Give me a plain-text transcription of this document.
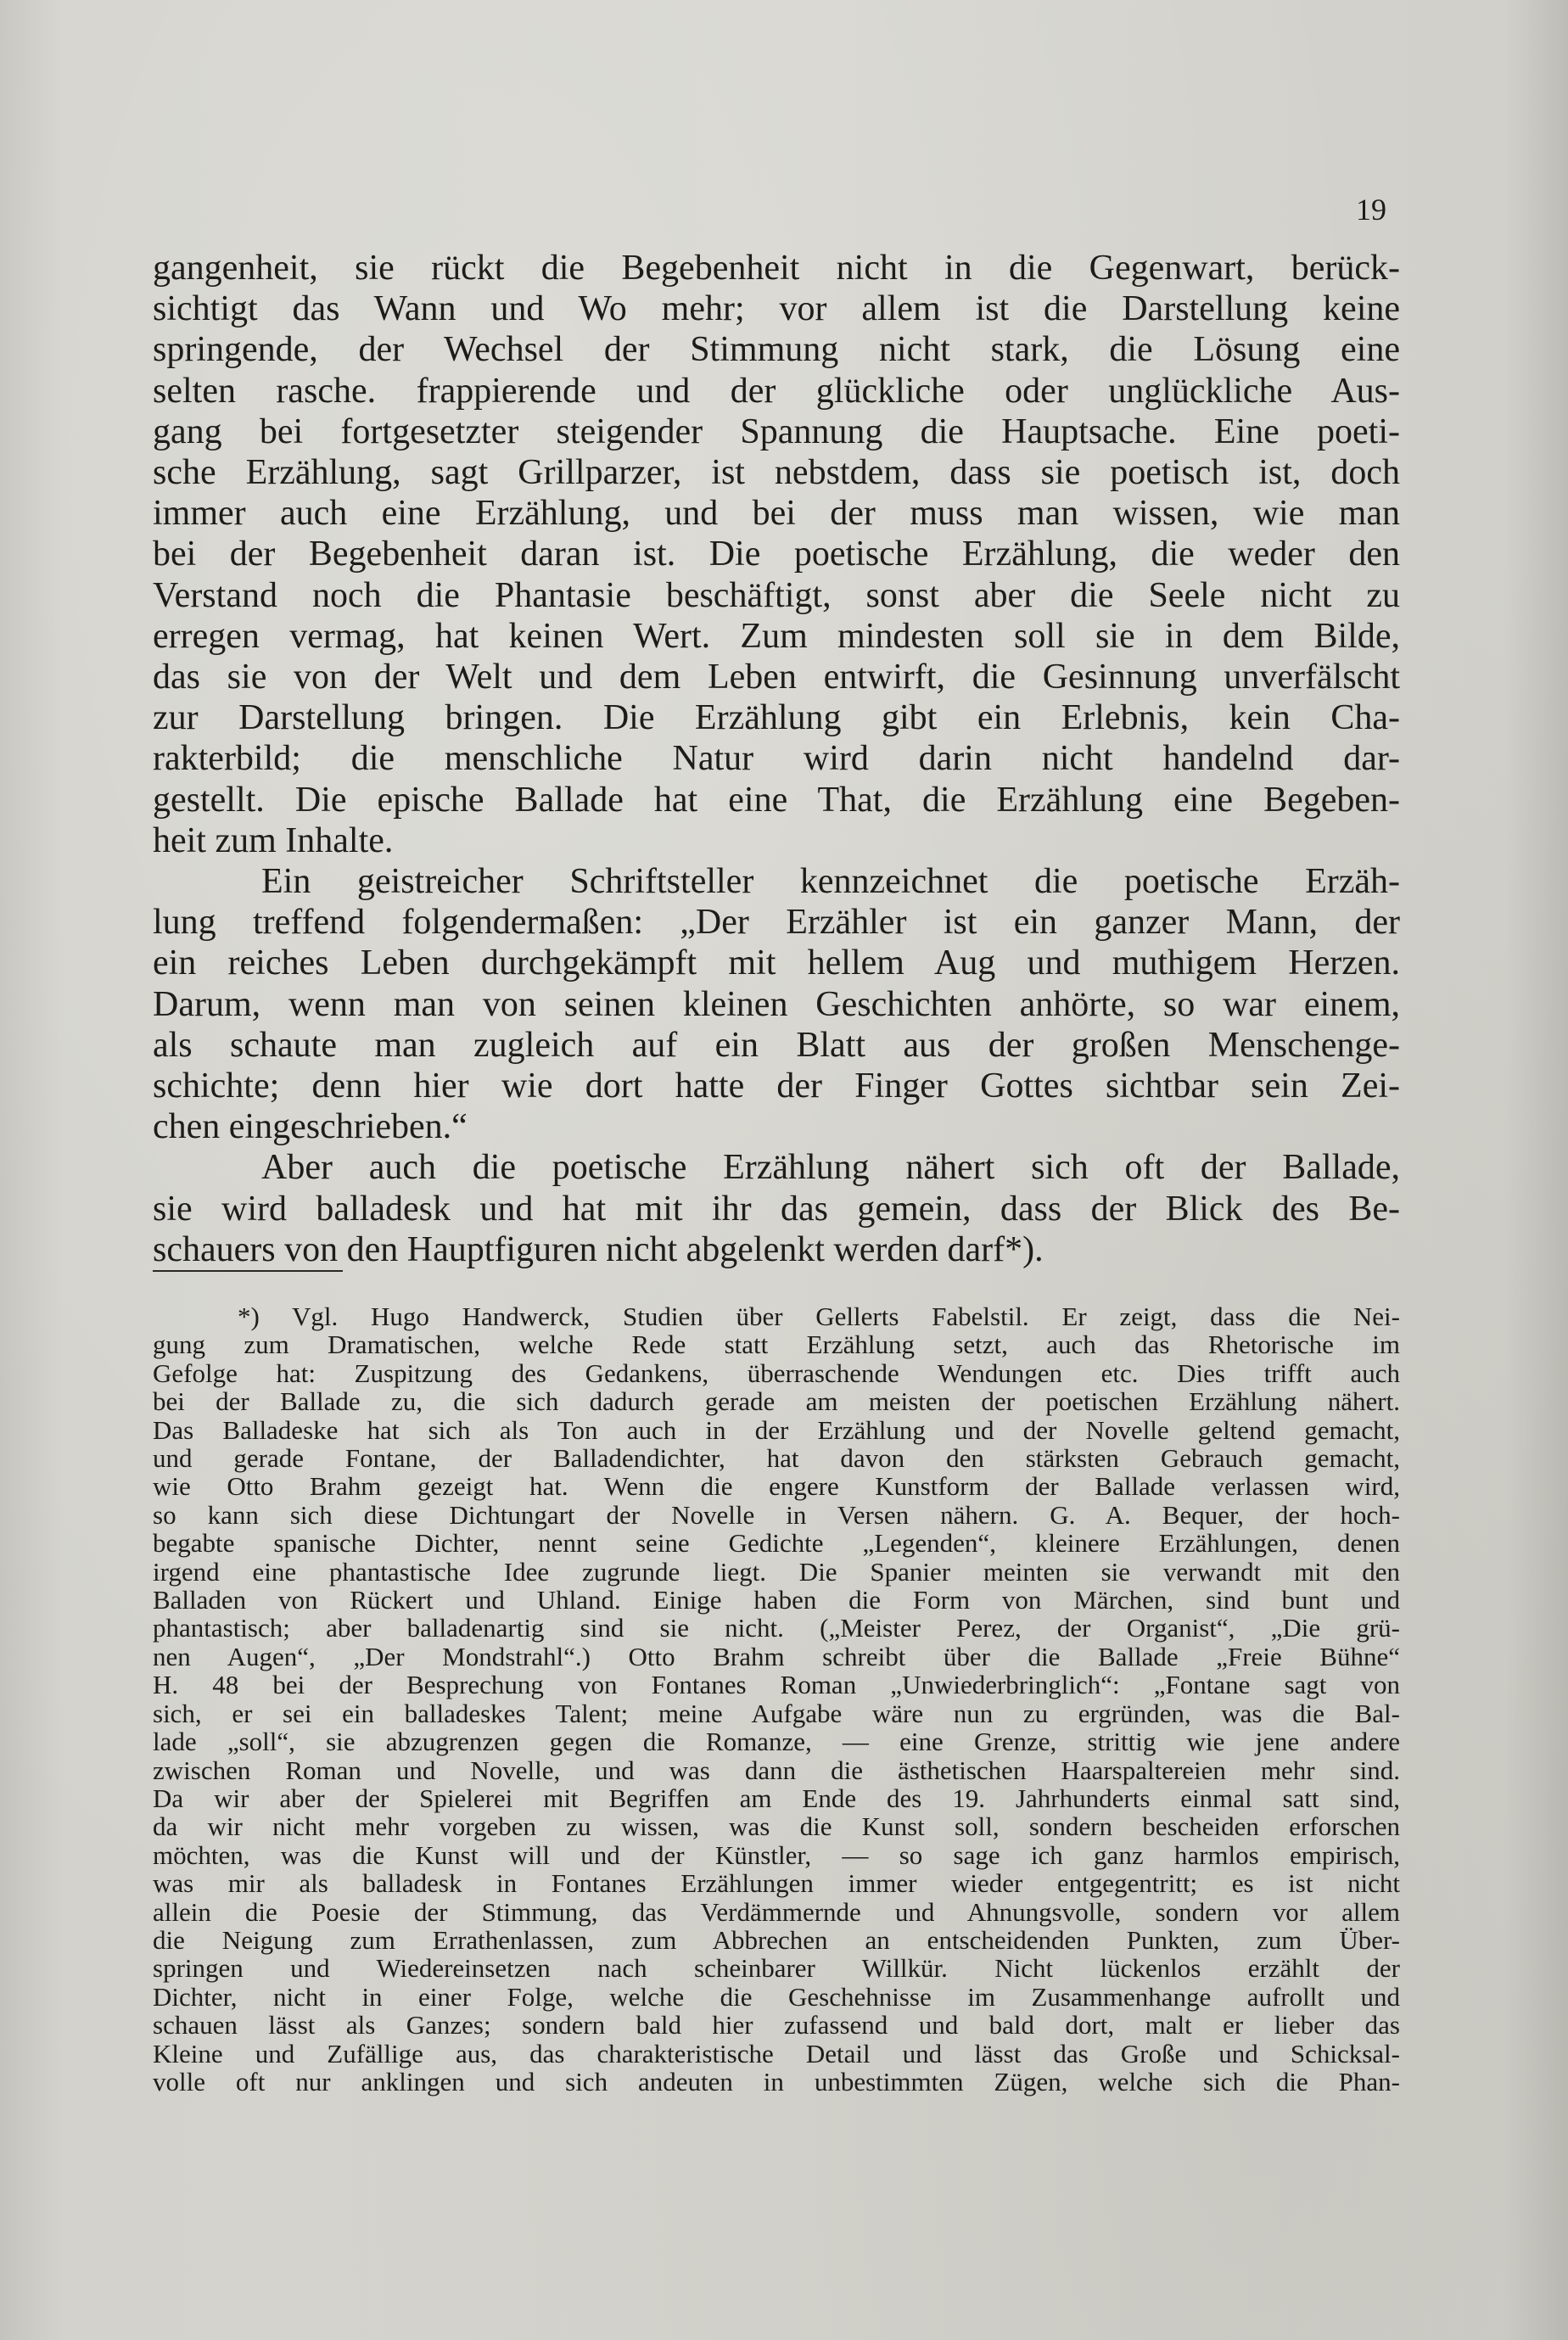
19

gangenheit, sie rückt die Begebenheit nicht in die Gegenwart, berück-

sichtigt das Wann und Wo mehr; vor allem ist die Darstellung keine

springende, der Wechsel der Stimmung nicht stark, die Lösung eine

selten rasche. frappierende und der glückliche oder unglückliche Aus-

gang bei fortgesetzter steigender Spannung die Hauptsache. Eine poeti-

sche Erzählung, sagt Grillparzer, ist nebstdem, dass sie poetisch ist, doch

immer auch eine Erzählung, und bei der muss man wissen, wie man

bei der Begebenheit daran ist. Die poetische Erzählung, die weder den

Verstand noch die Phantasie beschäftigt, sonst aber die Seele nicht zu

erregen vermag, hat keinen Wert. Zum mindesten soll sie in dem Bilde,

das sie von der Welt und dem Leben entwirft, die Gesinnung unverfälscht

zur Darstellung bringen. Die Erzählung gibt ein Erlebnis, kein Cha-

rakterbild; die menschliche Natur wird darin nicht handelnd dar-

gestellt. Die epische Ballade hat eine That, die Erzählung eine Begeben-

heit zum Inhalte.

Ein geistreicher Schriftsteller kennzeichnet die poetische Erzäh-

lung treffend folgendermaßen: „Der Erzähler ist ein ganzer Mann, der

ein reiches Leben durchgekämpft mit hellem Aug und muthigem Herzen.

Darum, wenn man von seinen kleinen Geschichten anhörte, so war einem,

als schaute man zugleich auf ein Blatt aus der großen Menschenge-

schichte; denn hier wie dort hatte der Finger Gottes sichtbar sein Zei-

chen eingeschrieben.“

Aber auch die poetische Erzählung nähert sich oft der Ballade,

sie wird balladesk und hat mit ihr das gemein, dass der Blick des Be-

schauers von den Hauptfiguren nicht abgelenkt werden darf*).

*) Vgl. Hugo Handwerck, Studien über Gellerts Fabelstil. Er zeigt, dass die Nei-

gung zum Dramatischen, welche Rede statt Erzählung setzt, auch das Rhetorische im

Gefolge hat: Zuspitzung des Gedankens, überraschende Wendungen etc. Dies trifft auch

bei der Ballade zu, die sich dadurch gerade am meisten der poetischen Erzählung nähert.

Das Balladeske hat sich als Ton auch in der Erzählung und der Novelle geltend gemacht,

und gerade Fontane, der Balladendichter, hat davon den stärksten Gebrauch gemacht,

wie Otto Brahm gezeigt hat. Wenn die engere Kunstform der Ballade verlassen wird,

so kann sich diese Dichtungart der Novelle in Versen nähern. G. A. Bequer, der hoch-

begabte spanische Dichter, nennt seine Gedichte „Legenden“, kleinere Erzählungen, denen

irgend eine phantastische Idee zugrunde liegt. Die Spanier meinten sie verwandt mit den

Balladen von Rückert und Uhland. Einige haben die Form von Märchen, sind bunt und

phantastisch; aber balladenartig sind sie nicht. („Meister Perez, der Organist“, „Die grü-

nen Augen“, „Der Mondstrahl“.) Otto Brahm schreibt über die Ballade „Freie Bühne“

H. 48 bei der Besprechung von Fontanes Roman „Unwiederbringlich“: „Fontane sagt von

sich, er sei ein balladeskes Talent; meine Aufgabe wäre nun zu ergründen, was die Bal-

lade „soll“, sie abzugrenzen gegen die Romanze, — eine Grenze, strittig wie jene andere

zwischen Roman und Novelle, und was dann die ästhetischen Haarspaltereien mehr sind.

Da wir aber der Spielerei mit Begriffen am Ende des 19. Jahrhunderts einmal satt sind,

da wir nicht mehr vorgeben zu wissen, was die Kunst soll, sondern bescheiden erforschen

möchten, was die Kunst will und der Künstler, — so sage ich ganz harmlos empirisch,

was mir als balladesk in Fontanes Erzählungen immer wieder entgegentritt; es ist nicht

allein die Poesie der Stimmung, das Verdämmernde und Ahnungsvolle, sondern vor allem

die Neigung zum Errathenlassen, zum Abbrechen an entscheidenden Punkten, zum Über-

springen und Wiedereinsetzen nach scheinbarer Willkür. Nicht lückenlos erzählt der

Dichter, nicht in einer Folge, welche die Geschehnisse im Zusammenhange aufrollt und

schauen lässt als Ganzes; sondern bald hier zufassend und bald dort, malt er lieber das

Kleine und Zufällige aus, das charakteristische Detail und lässt das Große und Schicksal-

volle oft nur anklingen und sich andeuten in unbestimmten Zügen, welche sich die Phan-
